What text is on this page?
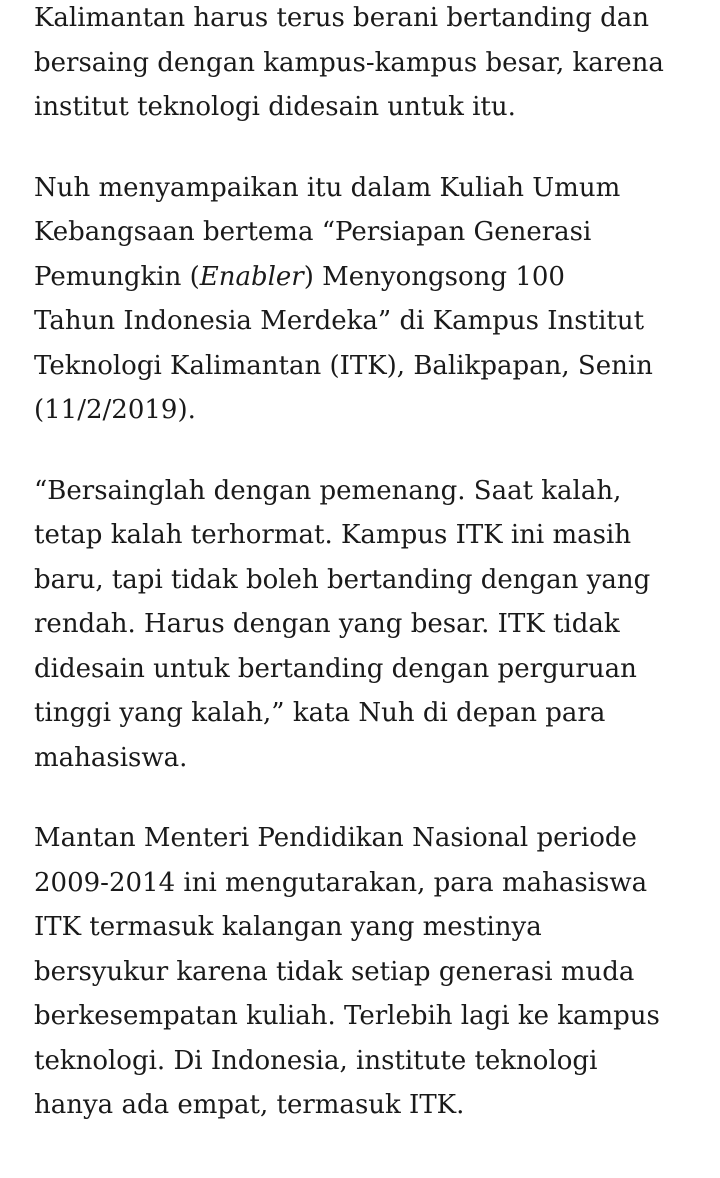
Kalimantan harus terus berani bertanding dan
bersaing dengan kampus-kampus besar, karena
institut teknologi didesain untuk itu.

Nuh menyampaikan itu dalam Kuliah Umum
Kebangsaan bertema “Persiapan Generasi
Pemungkin (Enabler) Menyongsong 100
Tahun Indonesia Merdeka” di Kampus Institut
Teknologi Kalimantan (ITK), Balikpapan, Senin
(11/2/2019).

“Bersainglah dengan pemenang. Saat kalah,
tetap kalah terhormat. Kampus ITK ini masih
baru, tapi tidak boleh bertanding dengan yang
rendah. Harus dengan yang besar. ITK tidak
didesain untuk bertanding dengan perguruan
tinggi yang kalah,” kata Nuh di depan para
mahasiswa.

Mantan Menteri Pendidikan Nasional periode
2009-2014 ini mengutarakan, para mahasiswa
ITK termasuk kalangan yang mestinya
bersyukur karena tidak setiap generasi muda
berkesempatan kuliah. Terlebih lagi ke kampus
teknologi. Di Indonesia, institute teknologi
hanya ada empat, termasuk ITK.
